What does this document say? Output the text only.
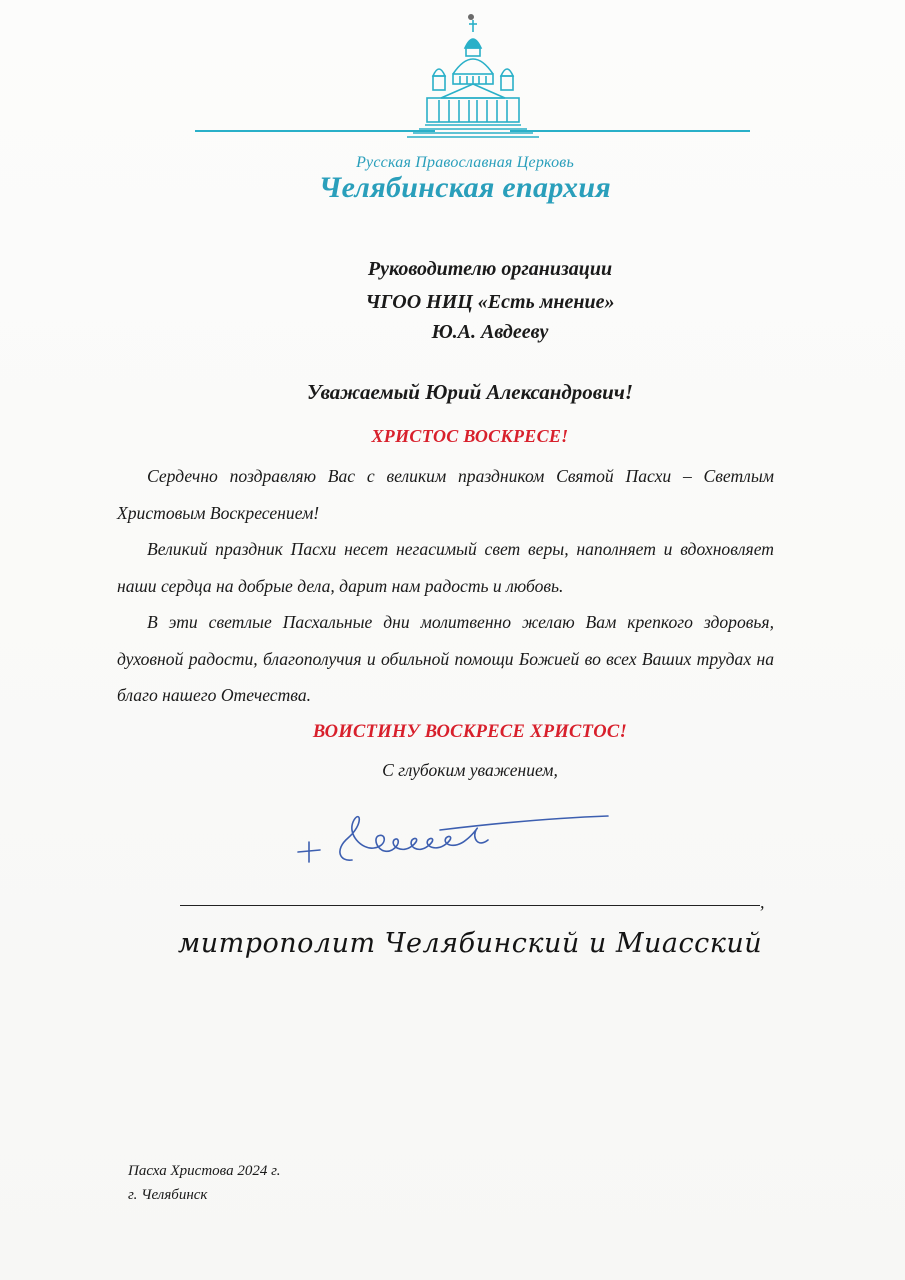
Русская Православная Церковь
Челябинская епархия
Руководителю организации
ЧГОО НИЦ «Есть мнение»
Ю.А. Авдееву
Уважаемый Юрий Александрович!
ХРИСТОС ВОСКРЕСЕ!
Сердечно поздравляю Вас с великим праздником Святой Пасхи – Светлым Христовым Воскресением!
Великий праздник Пасхи несет негасимый свет веры, наполняет и вдохновляет наши сердца на добрые дела, дарит нам радость и любовь.
В эти светлые Пасхальные дни молитвенно желаю Вам крепкого здоровья, духовной радости, благополучия и обильной помощи Божией во всех Ваших трудах на благо нашего Отечества.
ВОИСТИНУ ВОСКРЕСЕ ХРИСТОС!
С глубоким уважением,
,
митрополит Челябинский и Миасский
Пасха Христова 2024 г.
г. Челябинск
